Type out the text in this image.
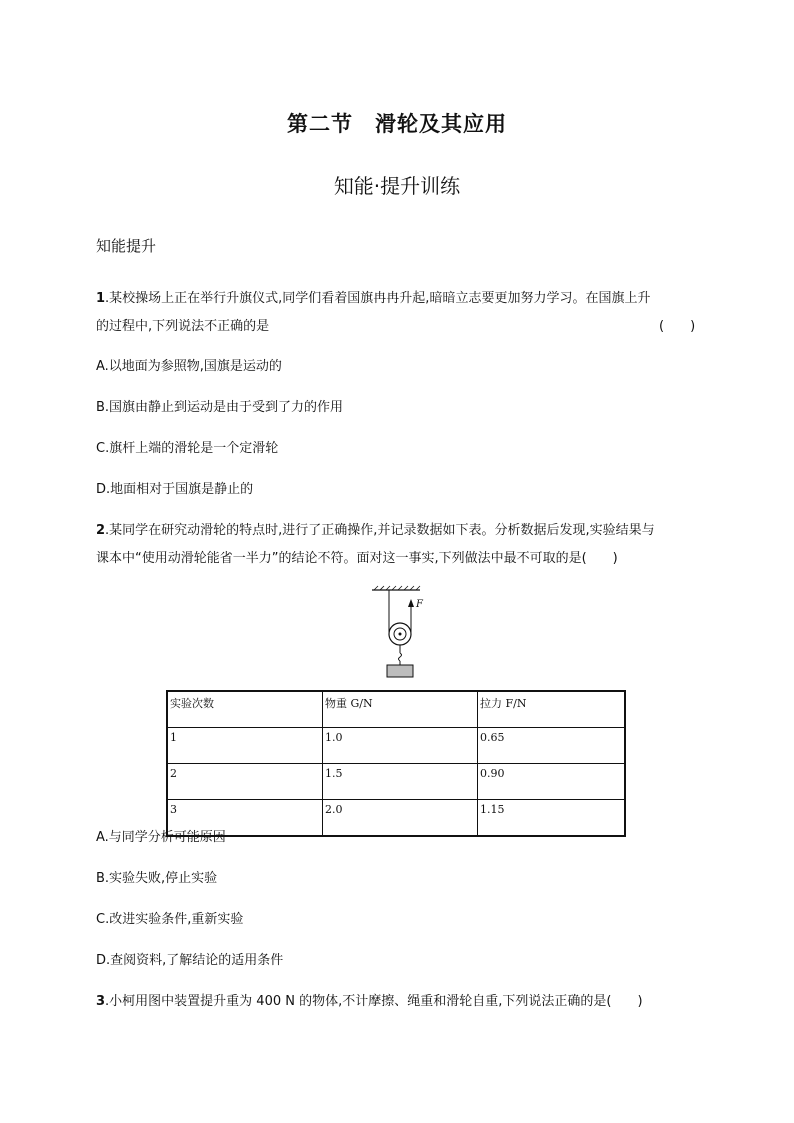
第二节　滑轮及其应用
知能·提升训练
知能提升
1.某校操场上正在举行升旗仪式,同学们看着国旗冉冉升起,暗暗立志要更加努力学习。在国旗上升
的过程中,下列说法不正确的是	(　　)
A.以地面为参照物,国旗是运动的
B.国旗由静止到运动是由于受到了力的作用
C.旗杆上端的滑轮是一个定滑轮
D.地面相对于国旗是静止的
2.某同学在研究动滑轮的特点时,进行了正确操作,并记录数据如下表。分析数据后发现,实验结果与
课本中“使用动滑轮能省一半力”的结论不符。面对这一事实,下列做法中最不可取的是(　　)
F
实验次数	物重 G/N	拉力 F/N
1	1.0	0.65
2	1.5	0.90
3	2.0	1.15
A.与同学分析可能原因
B.实验失败,停止实验
C.改进实验条件,重新实验
D.查阅资料,了解结论的适用条件
3.小柯用图中装置提升重为 400 N 的物体,不计摩擦、绳重和滑轮自重,下列说法正确的是(　　)
